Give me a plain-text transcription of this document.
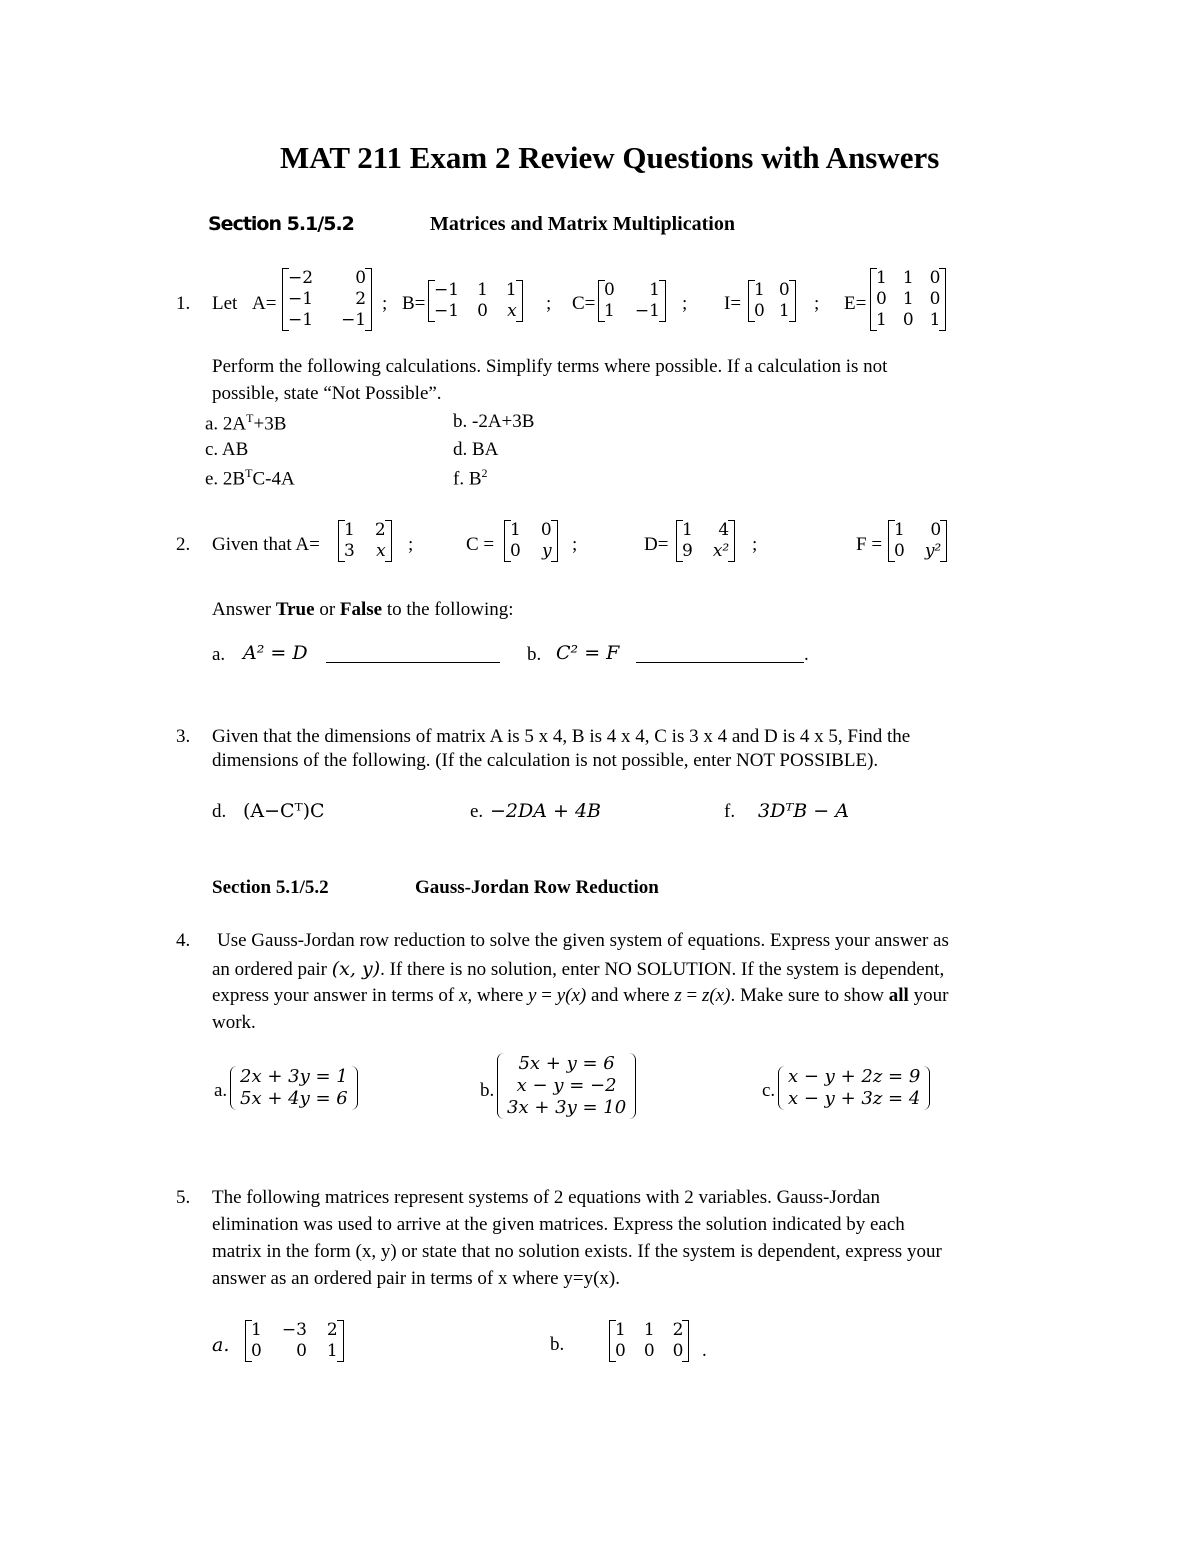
MAT 211 Exam 2 Review Questions with Answers
Section 5.1/5.2	Matrices and Matrix Multiplication
1. Let A=
−2	0
−1	2
−1	−1
; B=
−1	1	1
−1	0	x ; C=
0	1
1	−1 ; I=
1	0
0	1 ; E=
1	1	0
0	1	0
1	0	1
Perform the following calculations. Simplify terms where possible. If a calculation is not
possible, state “Not Possible”.
a. $2A^T+3B$	b. -2A+3B
c. AB	d. BA
e. $2B^TC-4A$	f. $B^2$
2. Given that A=
1	2
3	x ;	C =
1	0
0	y ;	D=
1	4
9	x² ;	F =
1	0
0	y²
Answer True or False to the following:
a. A² = D	b. C² = F	.
3. Given that the dimensions of matrix A is 5 x 4, B is 4 x 4, C is 3 x 4 and D is 4 x 5, Find the
dimensions of the following. (If the calculation is not possible, enter NOT POSSIBLE).
d. (A−Cᵀ)C	e. −2DA + 4B	f. 3DᵀB − A
Section 5.1/5.2	Gauss-Jordan Row Reduction
4. Use Gauss-Jordan row reduction to solve the given system of equations. Express your answer as
an ordered pair (x, y). If there is no solution, enter NO SOLUTION. If the system is dependent,
express your answer in terms of x, where y = y(x) and where z = z(x). Make sure to show all your
work.
a.
2x + 3y = 1
5x + 4y = 6	b.
5x + y = 6
x − y = −2
3x + 3y = 10
c.
x − y + 2z = 9
x − y + 3z = 4
5. The following matrices represent systems of 2 equations with 2 variables. Gauss-Jordan
elimination was used to arrive at the given matrices. Express the solution indicated by each
matrix in the form (x, y) or state that no solution exists. If the system is dependent, express your
answer as an ordered pair in terms of x where y=y(x).
a.
1	−3	2
0	0	1	b.
1	1	2
0	0	0 .
